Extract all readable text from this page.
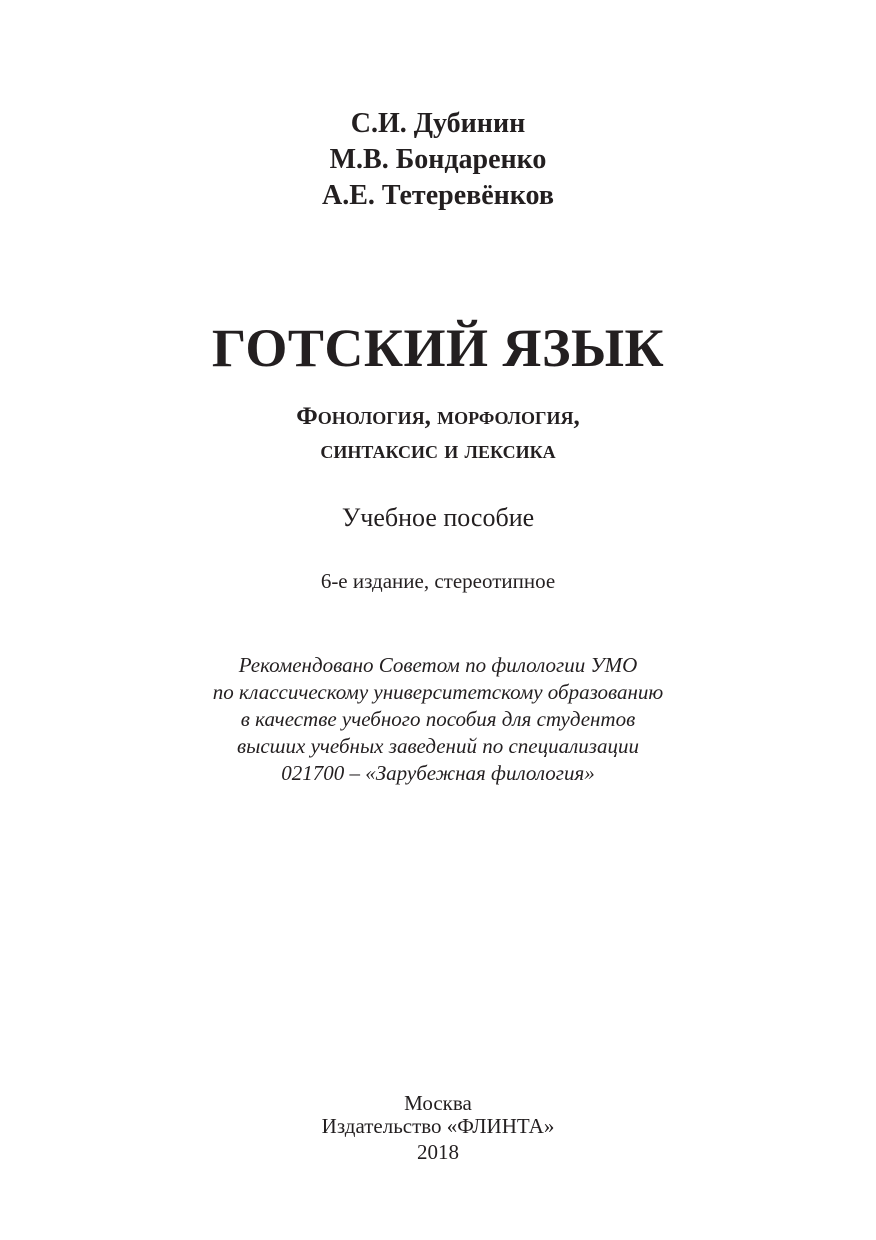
С.И. Дубинин
М.В. Бондаренко
А.Е. Тетеревёнков
ГОТСКИЙ ЯЗЫК
Фонология, морфология,
синтаксис и лексика
Учебное пособие
6-е издание, стереотипное
Рекомендовано Советом по филологии УМО
по классическому университетскому образованию
в качестве учебного пособия для студентов
высших учебных заведений по специализации
021700 – «Зарубежная филология»
Москва
Издательство «ФЛИНТА»
2018
